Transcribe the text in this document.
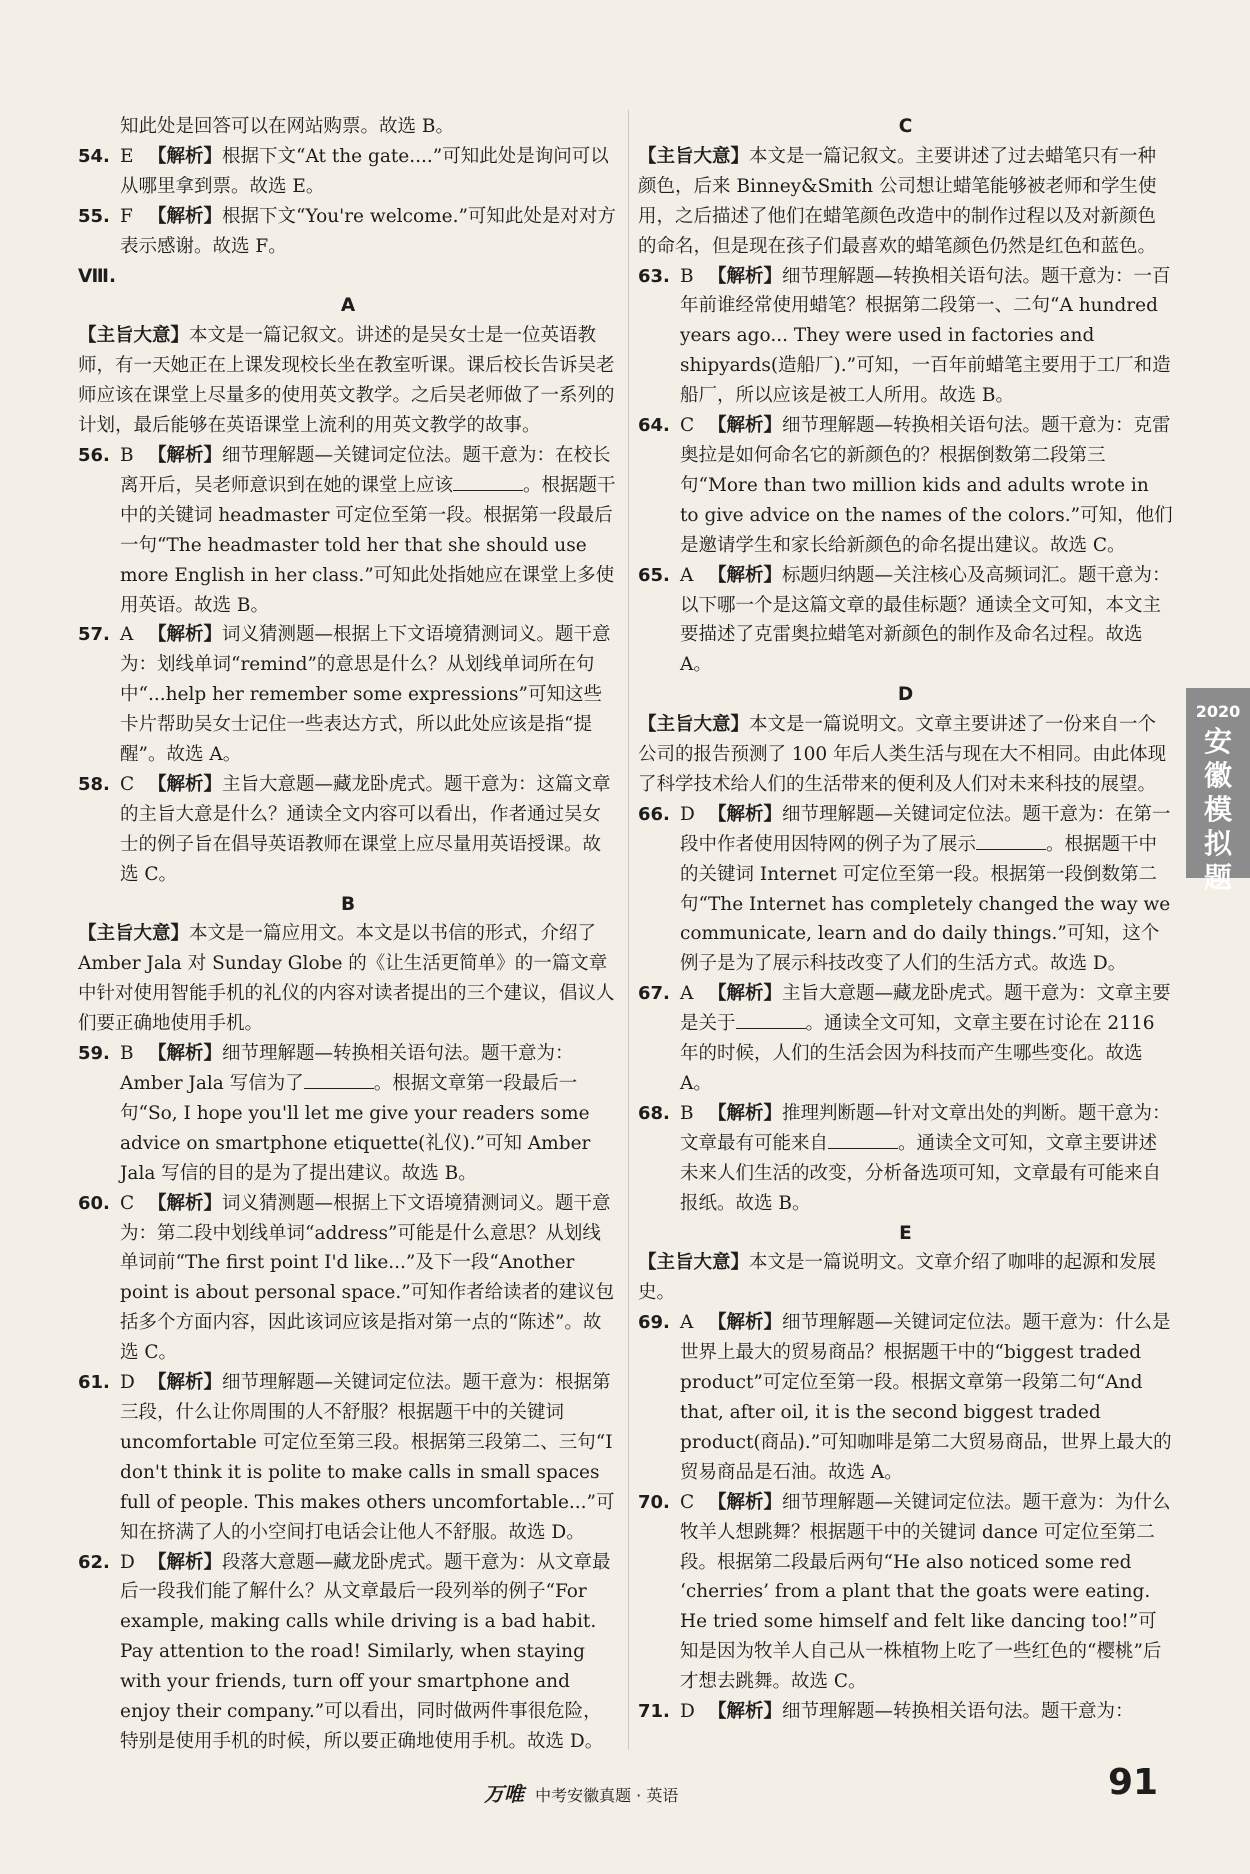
知此处是回答可以在网站购票。故选 B。

54. E 【解析】根据下文“At the gate....”可知此处是询问可以从哪里拿到票。故选 E。

55. F 【解析】根据下文“You're welcome.”可知此处是对对方表示感谢。故选 F。

Ⅷ.

A

【主旨大意】本文是一篇记叙文。讲述的是吴女士是一位英语教师，有一天她正在上课发现校长坐在教室听课。课后校长告诉吴老师应该在课堂上尽量多的使用英文教学。之后吴老师做了一系列的计划，最后能够在英语课堂上流利的用英文教学的故事。

56. B 【解析】细节理解题—关键词定位法。题干意为：在校长离开后，吴老师意识到在她的课堂上应该	。根据题干中的关键词 headmaster 可定位至第一段。根据第一段最后一句“The headmaster told her that she should use more English in her class.”可知此处指她应在课堂上多使用英语。故选 B。

57. A 【解析】词义猜测题—根据上下文语境猜测词义。题干意为：划线单词“remind”的意思是什么？从划线单词所在句中“...help her remember some expressions”可知这些卡片帮助吴女士记住一些表达方式，所以此处应该是指“提醒”。故选 A。

58. C 【解析】主旨大意题—藏龙卧虎式。题干意为：这篇文章的主旨大意是什么？通读全文内容可以看出，作者通过吴女士的例子旨在倡导英语教师在课堂上应尽量用英语授课。故选 C。

B

【主旨大意】本文是一篇应用文。本文是以书信的形式，介绍了 Amber Jala 对 Sunday Globe 的《让生活更简单》的一篇文章中针对使用智能手机的礼仪的内容对读者提出的三个建议，倡议人们要正确地使用手机。

59. B 【解析】细节理解题—转换相关语句法。题干意为：Amber Jala 写信为了	。根据文章第一段最后一句“So, I hope you'll let me give your readers some advice on smartphone etiquette(礼仪).”可知 Amber Jala 写信的目的是为了提出建议。故选 B。

60. C 【解析】词义猜测题—根据上下文语境猜测词义。题干意为：第二段中划线单词“address”可能是什么意思？从划线单词前“The first point I'd like...”及下一段“Another point is about personal space.”可知作者给读者的建议包括多个方面内容，因此该词应该是指对第一点的“陈述”。故选 C。

61. D 【解析】细节理解题—关键词定位法。题干意为：根据第三段，什么让你周围的人不舒服？根据题干中的关键词 uncomfortable 可定位至第三段。根据第三段第二、三句“I don't think it is polite to make calls in small spaces full of people. This makes others uncomfortable...”可知在挤满了人的小空间打电话会让他人不舒服。故选 D。

62. D 【解析】段落大意题—藏龙卧虎式。题干意为：从文章最后一段我们能了解什么？从文章最后一段列举的例子“For example, making calls while driving is a bad habit. Pay attention to the road! Similarly, when staying with your friends, turn off your smartphone and enjoy their company.”可以看出，同时做两件事很危险，特别是使用手机的时候，所以要正确地使用手机。故选 D。

C

【主旨大意】本文是一篇记叙文。主要讲述了过去蜡笔只有一种颜色，后来 Binney&Smith 公司想让蜡笔能够被老师和学生使用，之后描述了他们在蜡笔颜色改造中的制作过程以及对新颜色的命名，但是现在孩子们最喜欢的蜡笔颜色仍然是红色和蓝色。

63. B 【解析】细节理解题—转换相关语句法。题干意为：一百年前谁经常使用蜡笔？根据第二段第一、二句“A hundred years ago... They were used in factories and shipyards(造船厂).”可知，一百年前蜡笔主要用于工厂和造船厂，所以应该是被工人所用。故选 B。

64. C 【解析】细节理解题—转换相关语句法。题干意为：克雷奥拉是如何命名它的新颜色的？根据倒数第二段第三句“More than two million kids and adults wrote in to give advice on the names of the colors.”可知，他们是邀请学生和家长给新颜色的命名提出建议。故选 C。

65. A 【解析】标题归纳题—关注核心及高频词汇。题干意为：以下哪一个是这篇文章的最佳标题？通读全文可知，本文主要描述了克雷奥拉蜡笔对新颜色的制作及命名过程。故选 A。

D

【主旨大意】本文是一篇说明文。文章主要讲述了一份来自一个公司的报告预测了 100 年后人类生活与现在大不相同。由此体现了科学技术给人们的生活带来的便利及人们对未来科技的展望。

66. D 【解析】细节理解题—关键词定位法。题干意为：在第一段中作者使用因特网的例子为了展示	。根据题干中的关键词 Internet 可定位至第一段。根据第一段倒数第二句“The Internet has completely changed the way we communicate, learn and do daily things.”可知，这个例子是为了展示科技改变了人们的生活方式。故选 D。

67. A 【解析】主旨大意题—藏龙卧虎式。题干意为：文章主要是关于	。通读全文可知，文章主要在讨论在 2116 年的时候，人们的生活会因为科技而产生哪些变化。故选 A。

68. B 【解析】推理判断题—针对文章出处的判断。题干意为：文章最有可能来自	。通读全文可知，文章主要讲述未来人们生活的改变，分析备选项可知，文章最有可能来自报纸。故选 B。

E

【主旨大意】本文是一篇说明文。文章介绍了咖啡的起源和发展史。

69. A 【解析】细节理解题—关键词定位法。题干意为：什么是世界上最大的贸易商品？根据题干中的“biggest traded product”可定位至第一段。根据文章第一段第二句“And that, after oil, it is the second biggest traded product(商品).”可知咖啡是第二大贸易商品，世界上最大的贸易商品是石油。故选 A。

70. C 【解析】细节理解题—关键词定位法。题干意为：为什么牧羊人想跳舞？根据题干中的关键词 dance 可定位至第二段。根据第二段最后两句“He also noticed some red ‘cherries’ from a plant that the goats were eating. He tried some himself and felt like dancing too!”可知是因为牧羊人自己从一株植物上吃了一些红色的“樱桃”后才想去跳舞。故选 C。

71. D 【解析】细节理解题—转换相关语句法。题干意为：

2020
安徽模拟题
万唯 中考安徽真题 · 英语	91
